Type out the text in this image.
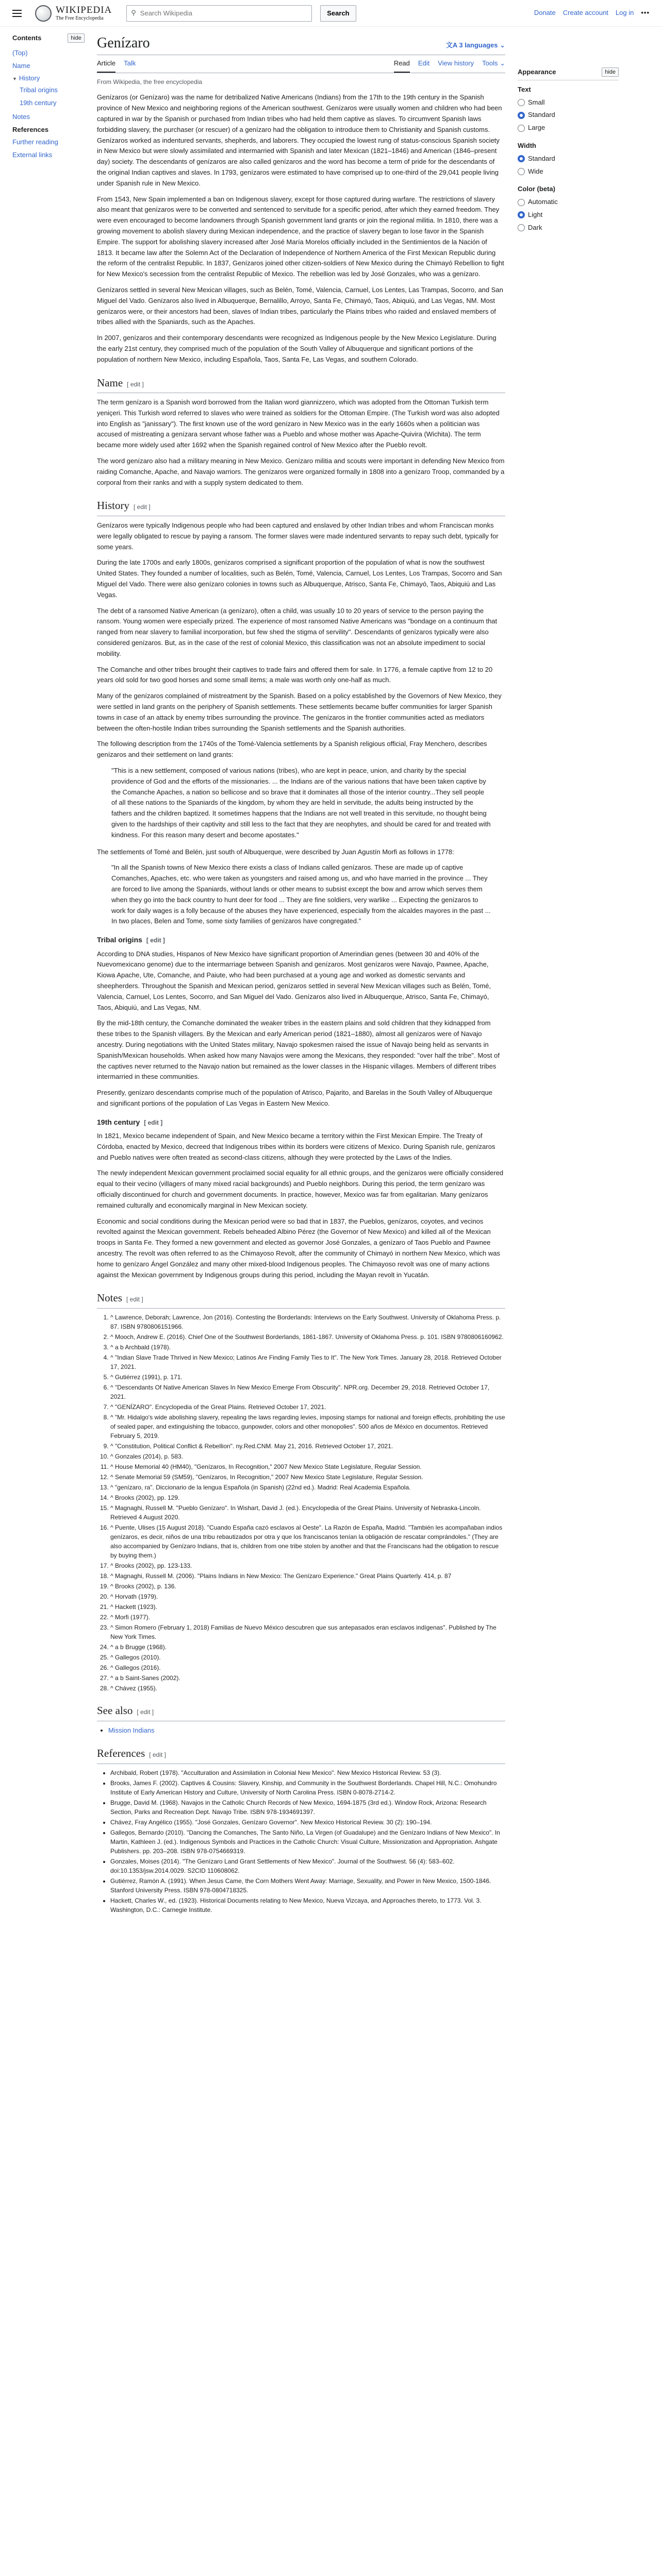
WIKIPEDIA
The Free Encyclopedia
⚲
Search Wikipedia	Search	Donate Create account Log in •••
Contents	hide
(Top)
Name
▼ History
Tribal origins
19th century
Notes
References
Further reading
External links
Genízaro	文A 3 languages ⌄
Article Talk	Read Edit View history Tools ⌄
From Wikipedia, the free encyclopedia

Genízaros (or Genízaro) was the name for detribalized Native Americans (Indians) from the 17th to the 19th century in the Spanish province of New Mexico and neighboring regions of the American southwest. Genízaros were usually women and children who had been captured in war by the Spanish or purchased from Indian tribes who had held them captive as slaves. To circumvent Spanish laws forbidding slavery, the purchaser (or rescuer) of a genízaro had the obligation to introduce them to Christianity and Spanish customs. Genízaros worked as indentured servants, shepherds, and laborers. They occupied the lowest rung of status-conscious Spanish society in New Mexico but were slowly assimilated and intermarried with Spanish and later Mexican (1821–1846) and American (1846–present day) society. The descendants of genízaros are also called genízaros and the word has become a term of pride for the descendants of the original Indian captives and slaves. In 1793, genízaros were estimated to have comprised up to one-third of the 29,041 people living under Spanish rule in New Mexico.

From 1543, New Spain implemented a ban on Indigenous slavery, except for those captured during warfare. The restrictions of slavery also meant that genízaros were to be converted and sentenced to servitude for a specific period, after which they earned freedom. They were even encouraged to become landowners through Spanish government land grants or join the regional militia. In 1810, there was a growing movement to abolish slavery during Mexican independence, and the practice of slavery began to lose favor in the Spanish Empire. The support for abolishing slavery increased after José María Morelos officially included in the Sentimientos de la Nación of 1813. It became law after the Solemn Act of the Declaration of Independence of Northern America of the First Mexican Republic during the reform of the centralist Republic. In 1837, Genízaros joined other citizen-soldiers of New Mexico during the Chimayó Rebellion to fight for New Mexico's secession from the centralist Republic of Mexico. The rebellion was led by José Gonzales, who was a genízaro.

Genízaros settled in several New Mexican villages, such as Belén, Tomé, Valencia, Carnuel, Los Lentes, Las Trampas, Socorro, and San Miguel del Vado. Genízaros also lived in Albuquerque, Bernalillo, Arroyo, Santa Fe, Chimayó, Taos, Abiquiú, and Las Vegas, NM. Most genízaros were, or their ancestors had been, slaves of Indian tribes, particularly the Plains tribes who raided and enslaved members of tribes allied with the Spaniards, such as the Apaches.

In 2007, genízaros and their contemporary descendants were recognized as Indigenous people by the New Mexico Legislature. During the early 21st century, they comprised much of the population of the South Valley of Albuquerque and significant portions of the population of northern New Mexico, including Española, Taos, Santa Fe, Las Vegas, and southern Colorado.

Name [ edit ]

The term genízaro is a Spanish word borrowed from the Italian word giannizzero, which was adopted from the Ottoman Turkish term yeniçeri. This Turkish word referred to slaves who were trained as soldiers for the Ottoman Empire. (The Turkish word was also adopted into English as "janissary"). The first known use of the word genízaro in New Mexico was in the early 1660s when a politician was accused of mistreating a genízara servant whose father was a Pueblo and whose mother was Apache-Quivira (Wichita). The term became more widely used after 1692 when the Spanish regained control of New Mexico after the Pueblo revolt.

The word genízaro also had a military meaning in New Mexico. Genízaro militia and scouts were important in defending New Mexico from raiding Comanche, Apache, and Navajo warriors. The genízaros were organized formally in 1808 into a genízaro Troop, commanded by a corporal from their ranks and with a supply system dedicated to them.

History [ edit ]

Genízaros were typically Indigenous people who had been captured and enslaved by other Indian tribes and whom Franciscan monks were legally obligated to rescue by paying a ransom. The former slaves were made indentured servants to repay such debt, typically for some years.

During the late 1700s and early 1800s, genízaros comprised a significant proportion of the population of what is now the southwest United States. They founded a number of localities, such as Belén, Tomé, Valencia, Carnuel, Los Lentes, Los Trampas, Socorro and San Miguel del Vado. There were also genízaro colonies in towns such as Albuquerque, Atrisco, Santa Fe, Chimayó, Taos, Abiquiú and Las Vegas.

The debt of a ransomed Native American (a genízaro), often a child, was usually 10 to 20 years of service to the person paying the ransom. Young women were especially prized. The experience of most ransomed Native Americans was "bondage on a continuum that ranged from near slavery to familial incorporation, but few shed the stigma of servility". Descendants of genízaros typically were also considered genízaros. But, as in the case of the rest of colonial Mexico, this classification was not an absolute impediment to social mobility.

The Comanche and other tribes brought their captives to trade fairs and offered them for sale. In 1776, a female captive from 12 to 20 years old sold for two good horses and some small items; a male was worth only one-half as much.

Many of the genízaros complained of mistreatment by the Spanish. Based on a policy established by the Governors of New Mexico, they were settled in land grants on the periphery of Spanish settlements. These settlements became buffer communities for larger Spanish towns in case of an attack by enemy tribes surrounding the province. The genízaros in the frontier communities acted as mediators between the often-hostile Indian tribes surrounding the Spanish settlements and the Spanish authorities.

The following description from the 1740s of the Tomé-Valencia settlements by a Spanish religious official, Fray Menchero, describes genízaros and their settlement on land grants:

"This is a new settlement, composed of various nations (tribes), who are kept in peace, union, and charity by the special providence of God and the efforts of the missionaries. ... the Indians are of the various nations that have been taken captive by the Comanche Apaches, a nation so bellicose and so brave that it dominates all those of the interior country...They sell people of all these nations to the Spaniards of the kingdom, by whom they are held in servitude, the adults being instructed by the fathers and the children baptized. It sometimes happens that the Indians are not well treated in this servitude, no thought being given to the hardships of their captivity and still less to the fact that they are neophytes, and should be cared for and treated with kindness. For this reason many desert and become apostates."

The settlements of Tomé and Belén, just south of Albuquerque, were described by Juan Agustín Morfi as follows in 1778:

"In all the Spanish towns of New Mexico there exists a class of Indians called genízaros. These are made up of captive Comanches, Apaches, etc. who were taken as youngsters and raised among us, and who have married in the province ... They are forced to live among the Spaniards, without lands or other means to subsist except the bow and arrow which serves them when they go into the back country to hunt deer for food ... They are fine soldiers, very warlike ... Expecting the genízaros to work for daily wages is a folly because of the abuses they have experienced, especially from the alcaldes mayores in the past ... In two places, Belen and Tome, some sixty families of genízaros have congregated."
Tribal origins [ edit ]

According to DNA studies, Hispanos of New Mexico have significant proportion of Amerindian genes (between 30 and 40% of the Nuevomexicano genome) due to the intermarriage between Spanish and genízaros. Most genízaros were Navajo, Pawnee, Apache, Kiowa Apache, Ute, Comanche, and Paiute, who had been purchased at a young age and worked as domestic servants and sheepherders. Throughout the Spanish and Mexican period, genízaros settled in several New Mexican villages such as Belén, Tomé, Valencia, Carnuel, Los Lentes, Socorro, and San Miguel del Vado. Genízaros also lived in Albuquerque, Atrisco, Santa Fe, Chimayó, Taos, Abiquiú, and Las Vegas, NM.

By the mid-18th century, the Comanche dominated the weaker tribes in the eastern plains and sold children that they kidnapped from these tribes to the Spanish villagers. By the Mexican and early American period (1821–1880), almost all genízaros were of Navajo ancestry. During negotiations with the United States military, Navajo spokesmen raised the issue of Navajo being held as servants in Spanish/Mexican households. When asked how many Navajos were among the Mexicans, they responded: "over half the tribe". Most of the captives never returned to the Navajo nation but remained as the lower classes in the Hispanic villages. Members of different tribes intermarried in these communities.

Presently, genízaro descendants comprise much of the population of Atrisco, Pajarito, and Barelas in the South Valley of Albuquerque and significant portions of the population of Las Vegas in Eastern New Mexico.

19th century [ edit ]

In 1821, Mexico became independent of Spain, and New Mexico became a territory within the First Mexican Empire. The Treaty of Córdoba, enacted by Mexico, decreed that Indigenous tribes within its borders were citizens of Mexico. During Spanish rule, genízaros and Pueblo natives were often treated as second-class citizens, although they were protected by the Laws of the Indies.

The newly independent Mexican government proclaimed social equality for all ethnic groups, and the genízaros were officially considered equal to their vecino (villagers of many mixed racial backgrounds) and Pueblo neighbors. During this period, the term genízaro was officially discontinued for church and government documents. In practice, however, Mexico was far from egalitarian. Many genízaros remained culturally and economically marginal in New Mexican society.

Economic and social conditions during the Mexican period were so bad that in 1837, the Pueblos, genízaros, coyotes, and vecinos revolted against the Mexican government. Rebels beheaded Albino Pérez (the Governor of New Mexico) and killed all of the Mexican troops in Santa Fe. They formed a new government and elected as governor José Gonzales, a genízaro of Taos Pueblo and Pawnee ancestry. The revolt was often referred to as the Chimayoso Revolt, after the community of Chimayó in northern New Mexico, which was home to genízaro Ángel González and many other mixed-blood Indigenous peoples. The Chimayoso revolt was one of many actions against the Mexican government by Indigenous groups during this period, including the Mayan revolt in Yucatán.

Notes [ edit ]
1. ^ Lawrence, Deborah; Lawrence, Jon (2016). Contesting the Borderlands: Interviews on the Early Southwest. University of Oklahoma Press. p. 87. ISBN 9780806151966.
2. ^ Mooch, Andrew E. (2016). Chief One of the Southwest Borderlands, 1861-1867. University of Oklahoma Press. p. 101. ISBN 9780806160962.
3. ^ a b Archbald (1978).
4. ^ "Indian Slave Trade Thrived in New Mexico; Latinos Are Finding Family Ties to It". The New York Times. January 28, 2018. Retrieved October 17, 2021.
5. ^ Gutiérrez (1991), p. 171.
6. ^ "Descendants Of Native American Slaves In New Mexico Emerge From Obscurity". NPR.org. December 29, 2018. Retrieved October 17, 2021.
7. ^ "GENÍZARO". Encyclopedia of the Great Plains. Retrieved October 17, 2021.
8. ^ "Mr. Hidalgo's wide abolishing slavery, repealing the laws regarding levies, imposing stamps for national and foreign effects, prohibiting the use of sealed paper, and extinguishing the tobacco, gunpowder, colors and other monopolies". 500 años de México en documentos. Retrieved February 5, 2019.
9. ^ "Constitution, Political Conflict & Rebellion". ny.Red.CNM. May 21, 2016. Retrieved October 17, 2021.
10. ^ Gonzales (2014), p. 583.
11. ^ House Memorial 40 (HM40), "Genízaros, In Recognition," 2007 New Mexico State Legislature, Regular Session.
12. ^ Senate Memorial 59 (SM59), "Genízaros, In Recognition," 2007 New Mexico State Legislature, Regular Session.
13. ^ "genízaro, ra". Diccionario de la lengua Española (in Spanish) (22nd ed.). Madrid: Real Academia Española.
14. ^ Brooks (2002), pp. 129.
15. ^ Magnaghi, Russell M. "Pueblo Genízaro". In Wishart, David J. (ed.). Encyclopedia of the Great Plains. University of Nebraska-Lincoln. Retrieved 4 August 2020.
16. ^ Puente, Ulises (15 August 2018). "Cuando España cazó esclavos al Oeste". La Razón de España, Madrid. "También les acompañaban indios genízaros, es decir, niños de una tribu rebautizados por otra y que los franciscanos tenían la obligación de rescatar comprándoles." (They are also accompanied by Genízaro Indians, that is, children from one tribe stolen by another and that the Franciscans had the obligation to rescue by buying them.)
17. ^ Brooks (2002), pp. 123-133.
18. ^ Magnaghi, Russell M. (2006). "Plains Indians in New Mexico: The Genízaro Experience." Great Plains Quarterly. 414, p. 87
19. ^ Brooks (2002), p. 136.
20. ^ Horvath (1979).
21. ^ Hackett (1923).
22. ^ Morfi (1977).
23. ^ Simon Romero (February 1, 2018) Familias de Nuevo México descubren que sus antepasados eran esclavos indígenas". Published by The New York Times.
24. ^ a b Brugge (1968).
25. ^ Gallegos (2010).
26. ^ Gallegos (2016).
27. ^ a b Saint-Sanes (2002).
28. ^ Chávez (1955).
See also [ edit ]
• Mission Indians
References [ edit ]
• Archibald, Robert (1978). "Acculturation and Assimilation in Colonial New Mexico". New Mexico Historical Review. 53 (3).
• Brooks, James F. (2002). Captives & Cousins: Slavery, Kinship, and Community in the Southwest Borderlands. Chapel Hill, N.C.: Omohundro Institute of Early American History and Culture, University of North Carolina Press. ISBN 0-8078-2714-2.
• Brugge, David M. (1968). Navajos in the Catholic Church Records of New Mexico, 1694-1875 (3rd ed.). Window Rock, Arizona: Research Section, Parks and Recreation Dept. Navajo Tribe. ISBN 978-1934691397.
• Chávez, Fray Angélico (1955). "José Gonzales, Genízaro Governor". New Mexico Historical Review. 30 (2): 190–194.
• Gallegos, Bernardo (2010). "Dancing the Comanches, The Santo Niño, La Virgen (of Guadalupe) and the Genízaro Indians of New Mexico". In Martin, Kathleen J. (ed.). Indigenous Symbols and Practices in the Catholic Church: Visual Culture, Missionization and Appropriation. Ashgate Publishers. pp. 203–208. ISBN 978-0754669319.
• Gonzales, Moises (2014). "The Genízaro Land Grant Settlements of New Mexico". Journal of the Southwest. 56 (4): 583–602. doi:10.1353/jsw.2014.0029. S2CID 110608062.
• Gutiérrez, Ramón A. (1991). When Jesus Came, the Corn Mothers Went Away: Marriage, Sexuality, and Power in New Mexico, 1500-1846. Stanford University Press. ISBN 978-0804718325.
• Hackett, Charles W., ed. (1923). Historical Documents relating to New Mexico, Nueva Vizcaya, and Approaches thereto, to 1773. Vol. 3. Washington, D.C.: Carnegie Institute.
Appearance	hide
Text
Small
Standard
Large
Width
Standard
Wide
Color (beta)
Automatic
Light
Dark
